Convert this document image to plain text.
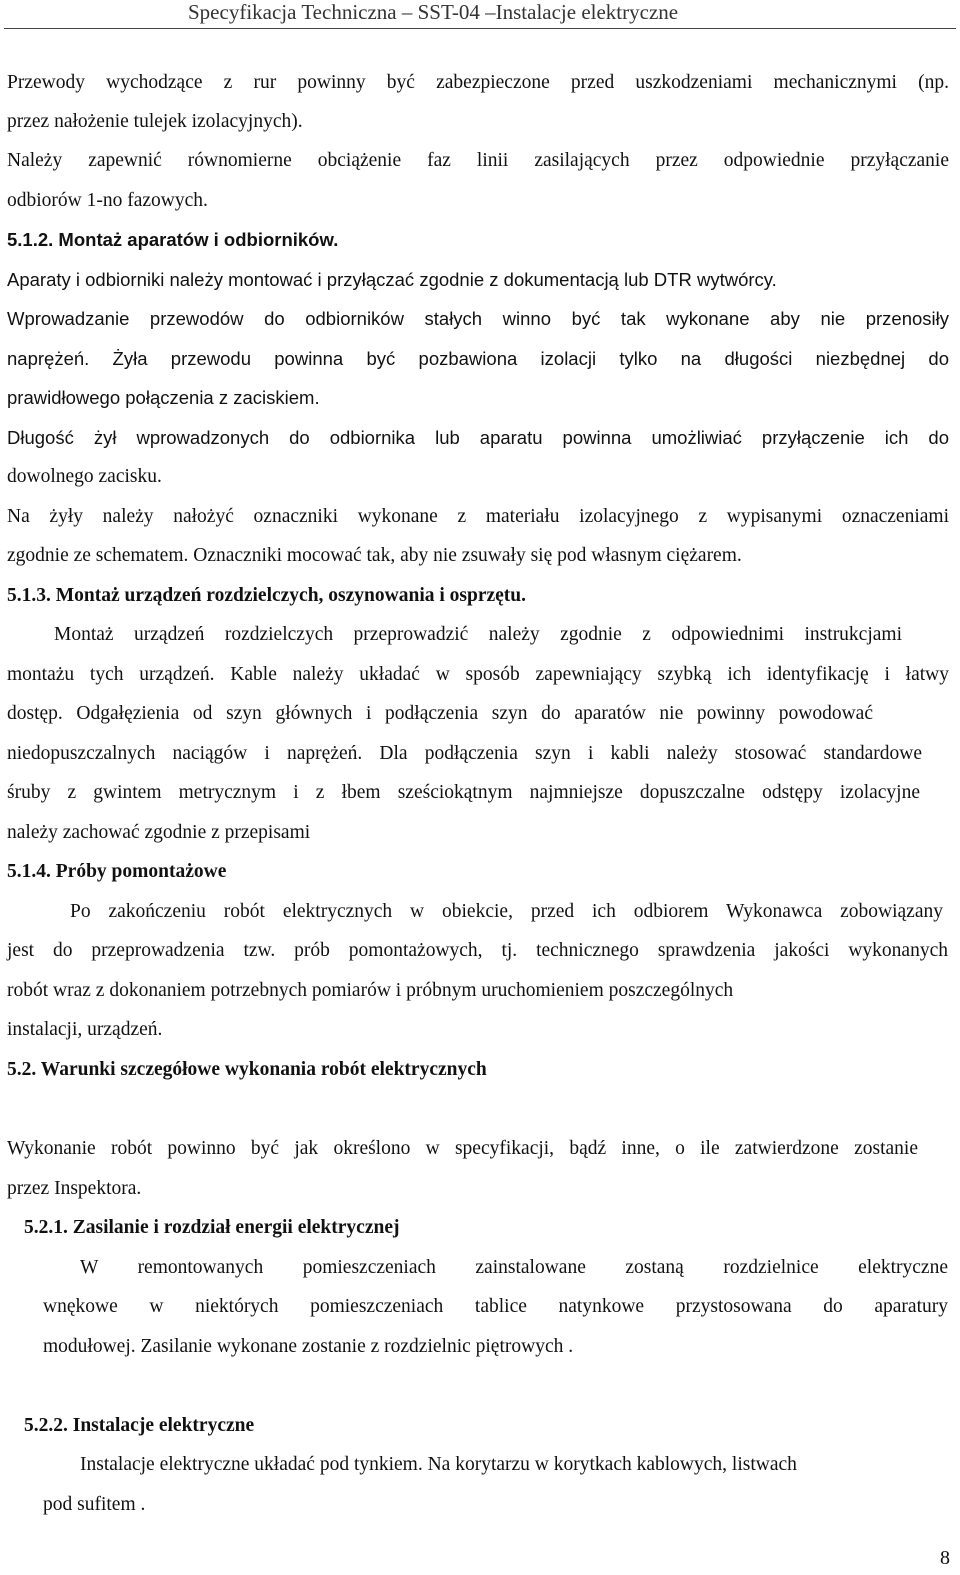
Specyfikacja Techniczna – SST-04 –Instalacje elektryczne
Przewody wychodzące z rur powinny być zabezpieczone przed uszkodzeniami mechanicznymi (np.
przez nałożenie tulejek izolacyjnych).
Należy zapewnić równomierne obciążenie faz linii zasilających przez odpowiednie przyłączanie
odbiorów 1-no fazowych.
5.1.2. Montaż aparatów i odbiorników.
Aparaty i odbiorniki należy montować i przyłączać zgodnie z dokumentacją lub DTR wytwórcy.
Wprowadzanie przewodów do odbiorników stałych winno być tak wykonane aby nie przenosiły
naprężeń. Żyła przewodu powinna być pozbawiona izolacji tylko na długości niezbędnej do
prawidłowego połączenia z zaciskiem.
Długość żył wprowadzonych do odbiornika lub aparatu powinna umożliwiać przyłączenie ich do
dowolnego zacisku.
Na żyły należy nałożyć oznaczniki wykonane z materiału izolacyjnego z wypisanymi oznaczeniami
zgodnie ze schematem. Oznaczniki mocować tak, aby nie zsuwały się pod własnym ciężarem.
5.1.3. Montaż urządzeń rozdzielczych, oszynowania i osprzętu.
Montaż urządzeń rozdzielczych przeprowadzić należy zgodnie z odpowiednimi instrukcjami
montażu tych urządzeń. Kable należy układać w sposób zapewniający szybką ich identyfikację i łatwy
dostęp. Odgałęzienia od szyn głównych i podłączenia szyn do aparatów nie powinny powodować
niedopuszczalnych naciągów i naprężeń. Dla podłączenia szyn i kabli należy stosować standardowe
śruby z gwintem metrycznym i z łbem sześciokątnym najmniejsze dopuszczalne odstępy izolacyjne
należy zachować zgodnie z przepisami
5.1.4. Próby pomontażowe
Po zakończeniu robót elektrycznych w obiekcie, przed ich odbiorem Wykonawca zobowiązany
jest do przeprowadzenia tzw. prób pomontażowych, tj. technicznego sprawdzenia jakości wykonanych
robót wraz z dokonaniem potrzebnych pomiarów i próbnym uruchomieniem poszczególnych
instalacji, urządzeń.
5.2. Warunki szczegółowe wykonania robót elektrycznych
Wykonanie robót powinno być jak określono w specyfikacji, bądź inne, o ile zatwierdzone zostanie
przez Inspektora.
5.2.1. Zasilanie i rozdział energii elektrycznej
W remontowanych pomieszczeniach zainstalowane zostaną rozdzielnice elektryczne
wnękowe w niektórych pomieszczeniach tablice natynkowe przystosowana do aparatury
modułowej. Zasilanie wykonane zostanie z rozdzielnic piętrowych .
5.2.2. Instalacje elektryczne
Instalacje elektryczne układać pod tynkiem. Na korytarzu w korytkach kablowych, listwach
pod sufitem .
8
